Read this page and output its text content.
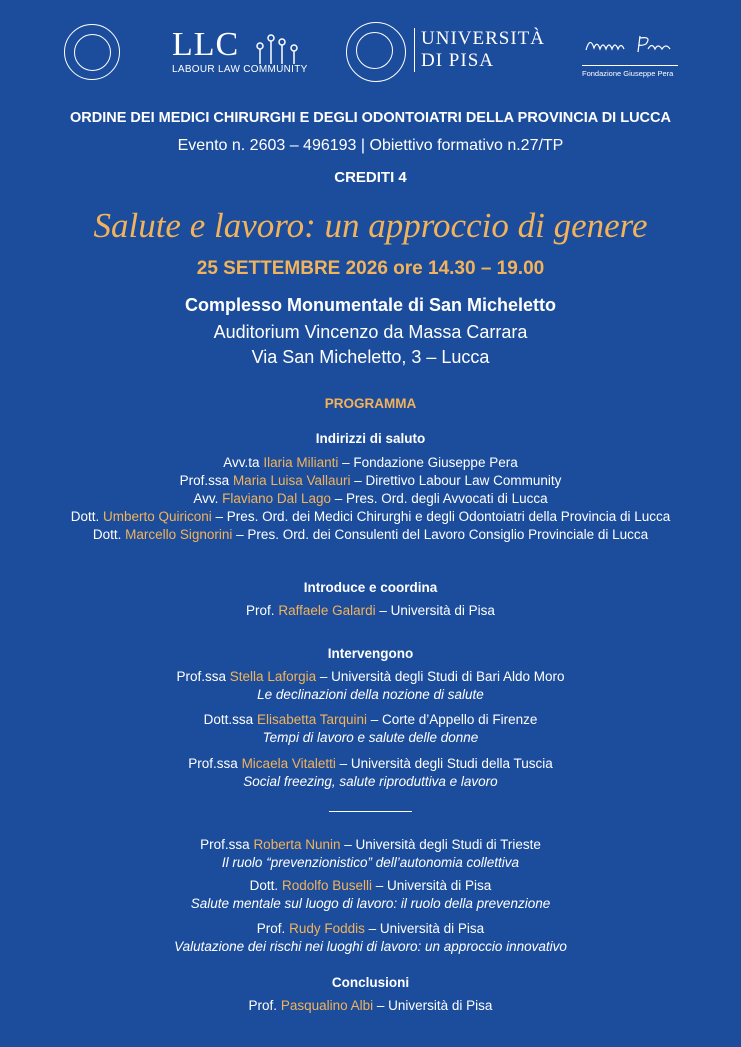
LLC
LABOUR LAW COMMUNITY
UNIVERSITÀ
DI PISA
Fondazione Giuseppe Pera
ORDINE DEI MEDICI CHIRURGHI E DEGLI ODONTOIATRI DELLA PROVINCIA DI LUCCA
Evento n. 2603 – 496193 | Obiettivo formativo n.27/TP
CREDITI 4
Salute e lavoro: un approccio di genere
25 SETTEMBRE 2026 ore 14.30 – 19.00
Complesso Monumentale di San Micheletto
Auditorium Vincenzo da Massa Carrara
Via San Micheletto, 3 – Lucca
PROGRAMMA
Indirizzi di saluto
Avv.ta Ilaria Milianti – Fondazione Giuseppe Pera
Prof.ssa Maria Luisa Vallauri – Direttivo Labour Law Community
Avv. Flaviano Dal Lago – Pres. Ord. degli Avvocati di Lucca
Dott. Umberto Quiriconi – Pres. Ord. dei Medici Chirurghi e degli Odontoiatri della Provincia di Lucca
Dott. Marcello Signorini – Pres. Ord. dei Consulenti del Lavoro Consiglio Provinciale di Lucca
Introduce e coordina
Prof. Raffaele Galardi – Università di Pisa
Intervengono
Prof.ssa Stella Laforgia – Università degli Studi di Bari Aldo Moro
Le declinazioni della nozione di salute
Dott.ssa Elisabetta Tarquini – Corte d’Appello di Firenze
Tempi di lavoro e salute delle donne
Prof.ssa Micaela Vitaletti – Università degli Studi della Tuscia
Social freezing, salute riproduttiva e lavoro
Prof.ssa Roberta Nunin – Università degli Studi di Trieste
Il ruolo “prevenzionistico” dell’autonomia collettiva
Dott. Rodolfo Buselli – Università di Pisa
Salute mentale sul luogo di lavoro: il ruolo della prevenzione
Prof. Rudy Foddis – Università di Pisa
Valutazione dei rischi nei luoghi di lavoro: un approccio innovativo
Conclusioni
Prof. Pasqualino Albi – Università di Pisa
